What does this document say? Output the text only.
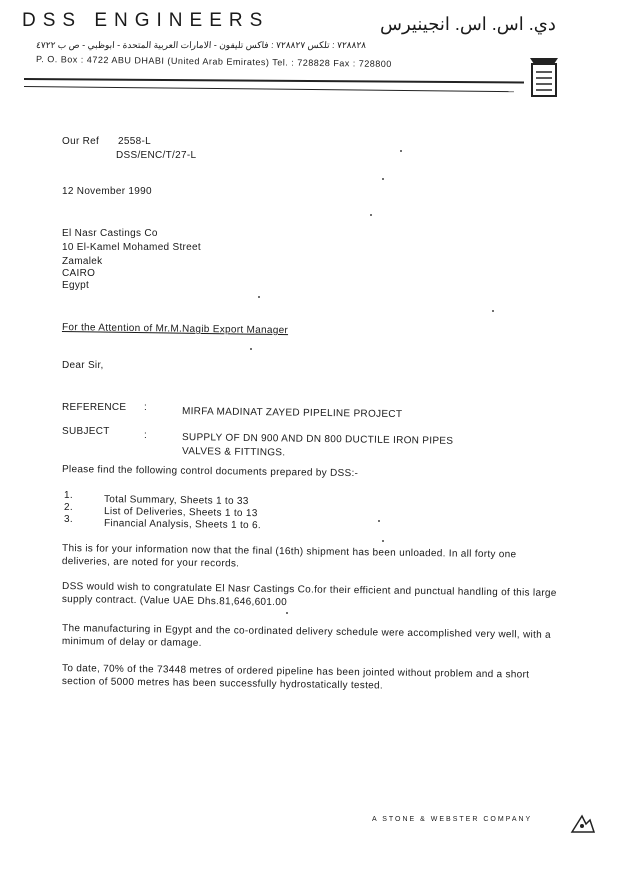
DSS ENGINEERS	دي. اس. اس. انجينيرس
٧٢٨٨٢٨ : تلكس ٧٢٨٨٢٧ : فاكس تليفون - الامارات العربية المتحدة - ابوظبي - ص ب ٤٧٢٢
P. O. Box : 4722 ABU DHABI (United Arab Emirates) Tel. : 728828 Fax : 728800
Our Ref 2558-L
DSS/ENC/T/27-L
12 November 1990
El Nasr Castings Co
10 El-Kamel Mohamed Street
Zamalek
CAIRO
Egypt
For the Attention of Mr.M.Nagib Export Manager
Dear Sir,
REFERENCE :	MIRFA MADINAT ZAYED PIPELINE PROJECT
SUBJECT	:	SUPPLY OF DN 900 AND DN 800 DUCTILE IRON PIPES
VALVES & FITTINGS.
Please find the following control documents prepared by DSS:-
1.	Total Summary, Sheets 1 to 33
2.	List of Deliveries, Sheets 1 to 13
3.	Financial Analysis, Sheets 1 to 6.
This is for your information now that the final (16th) shipment has been unloaded. In all forty one deliveries, are noted for your records.
DSS would wish to congratulate El Nasr Castings Co.for their efficient and punctual handling of this large supply contract. (Value UAE Dhs.81,646,601.00
The manufacturing in Egypt and the co-ordinated delivery schedule were accomplished very well, with a minimum of delay or damage.
To date, 70% of the 73448 metres of ordered pipeline has been jointed without problem and a short section of 5000 metres has been successfully hydrostatically tested.
A STONE & WEBSTER COMPANY
